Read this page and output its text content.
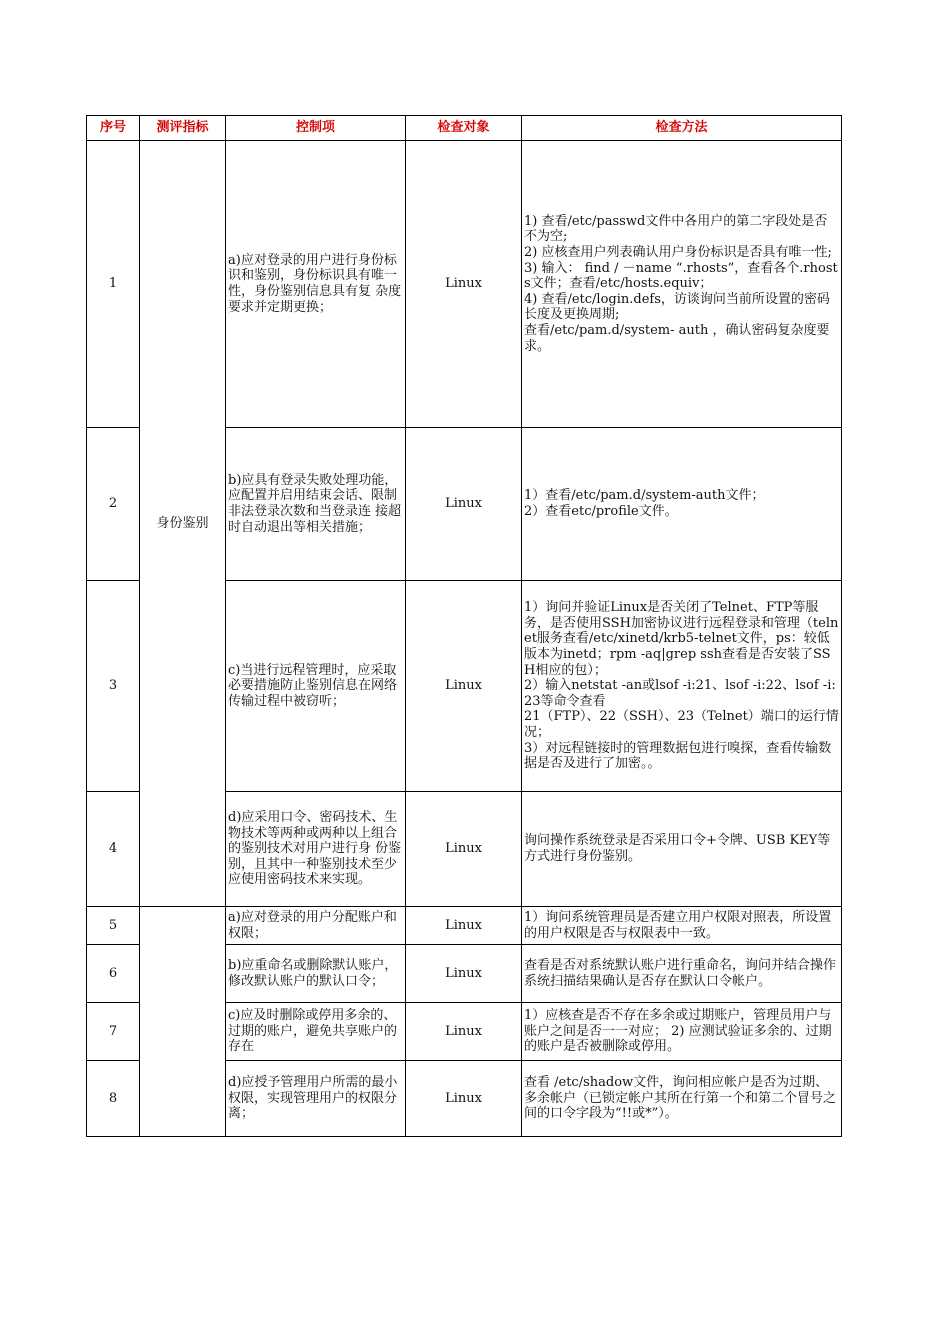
序号	测评指标	控制项	检查对象	检查方法
1	身份鉴别	a)应对登录的用户进行身份标识和鉴别，身份标识具有唯一性，身份鉴别信息具有复 杂度要求并定期更换；	Linux	1) 查看/etc/passwd文件中各用户的第二字段处是否不为空;
2) 应核查用户列表确认用户身份标识是否具有唯一性;
3) 输入： find / －name “.rhosts”，查看各个.rhosts文件；查看/etc/hosts.equiv；
4) 查看/etc/login.defs，访谈询问当前所设置的密码长度及更换周期;
查看/etc/pam.d/system- auth ，确认密码复杂度要求。
2		b)应具有登录失败处理功能，应配置并启用结束会话、限制非法登录次数和当登录连 接超时自动退出等相关措施；	Linux	1）查看/etc/pam.d/system-auth文件；
2）查看etc/profile文件。
3		c)当进行远程管理时，应采取必要措施防止鉴别信息在网络传输过程中被窃听；	Linux	1）询问并验证Linux是否关闭了Telnet、FTP等服务，是否使用SSH加密协议进行远程登录和管理（telnet服务查看/etc/xinetd/krb5-telnet文件，ps：较低版本为inetd；rpm -aq|grep ssh查看是否安装了SSH相应的包）；
2）输入netstat -an或lsof -i:21、lsof -i:22、lsof -i:23等命令查看
21（FTP）、22（SSH）、23（Telnet）端口的运行情况；
3）对远程链接时的管理数据包进行嗅探，查看传输数据是否及进行了加密。。
4		d)应采用口令、密码技术、生物技术等两种或两种以上组合的鉴别技术对用户进行身 份鉴别，且其中一种鉴别技术至少应使用密码技术来实现。	Linux	询问操作系统登录是否采用口令+令牌、USB KEY等方式进行身份鉴别。
5		a)应对登录的用户分配账户和权限；	Linux	1）询问系统管理员是否建立用户权限对照表，所设置的用户权限是否与权限表中一致。
6		b)应重命名或删除默认账户，修改默认账户的默认口令；	Linux	查看是否对系统默认账户进行重命名，询问并结合操作系统扫描结果确认是否存在默认口令帐户。
7		c)应及时删除或停用多余的、过期的账户，避免共享账户的存在	Linux	1）应核查是否不存在多余或过期账户，管理员用户与账户之间是否一一对应； 2) 应测试验证多余的、过期的账户是否被删除或停用。
8		d)应授予管理用户所需的最小权限，实现管理用户的权限分离；	Linux	查看 /etc/shadow文件，询问相应帐户是否为过期、多余帐户（已锁定帐户其所在行第一个和第二个冒号之间的口令字段为“!!或*”）。
